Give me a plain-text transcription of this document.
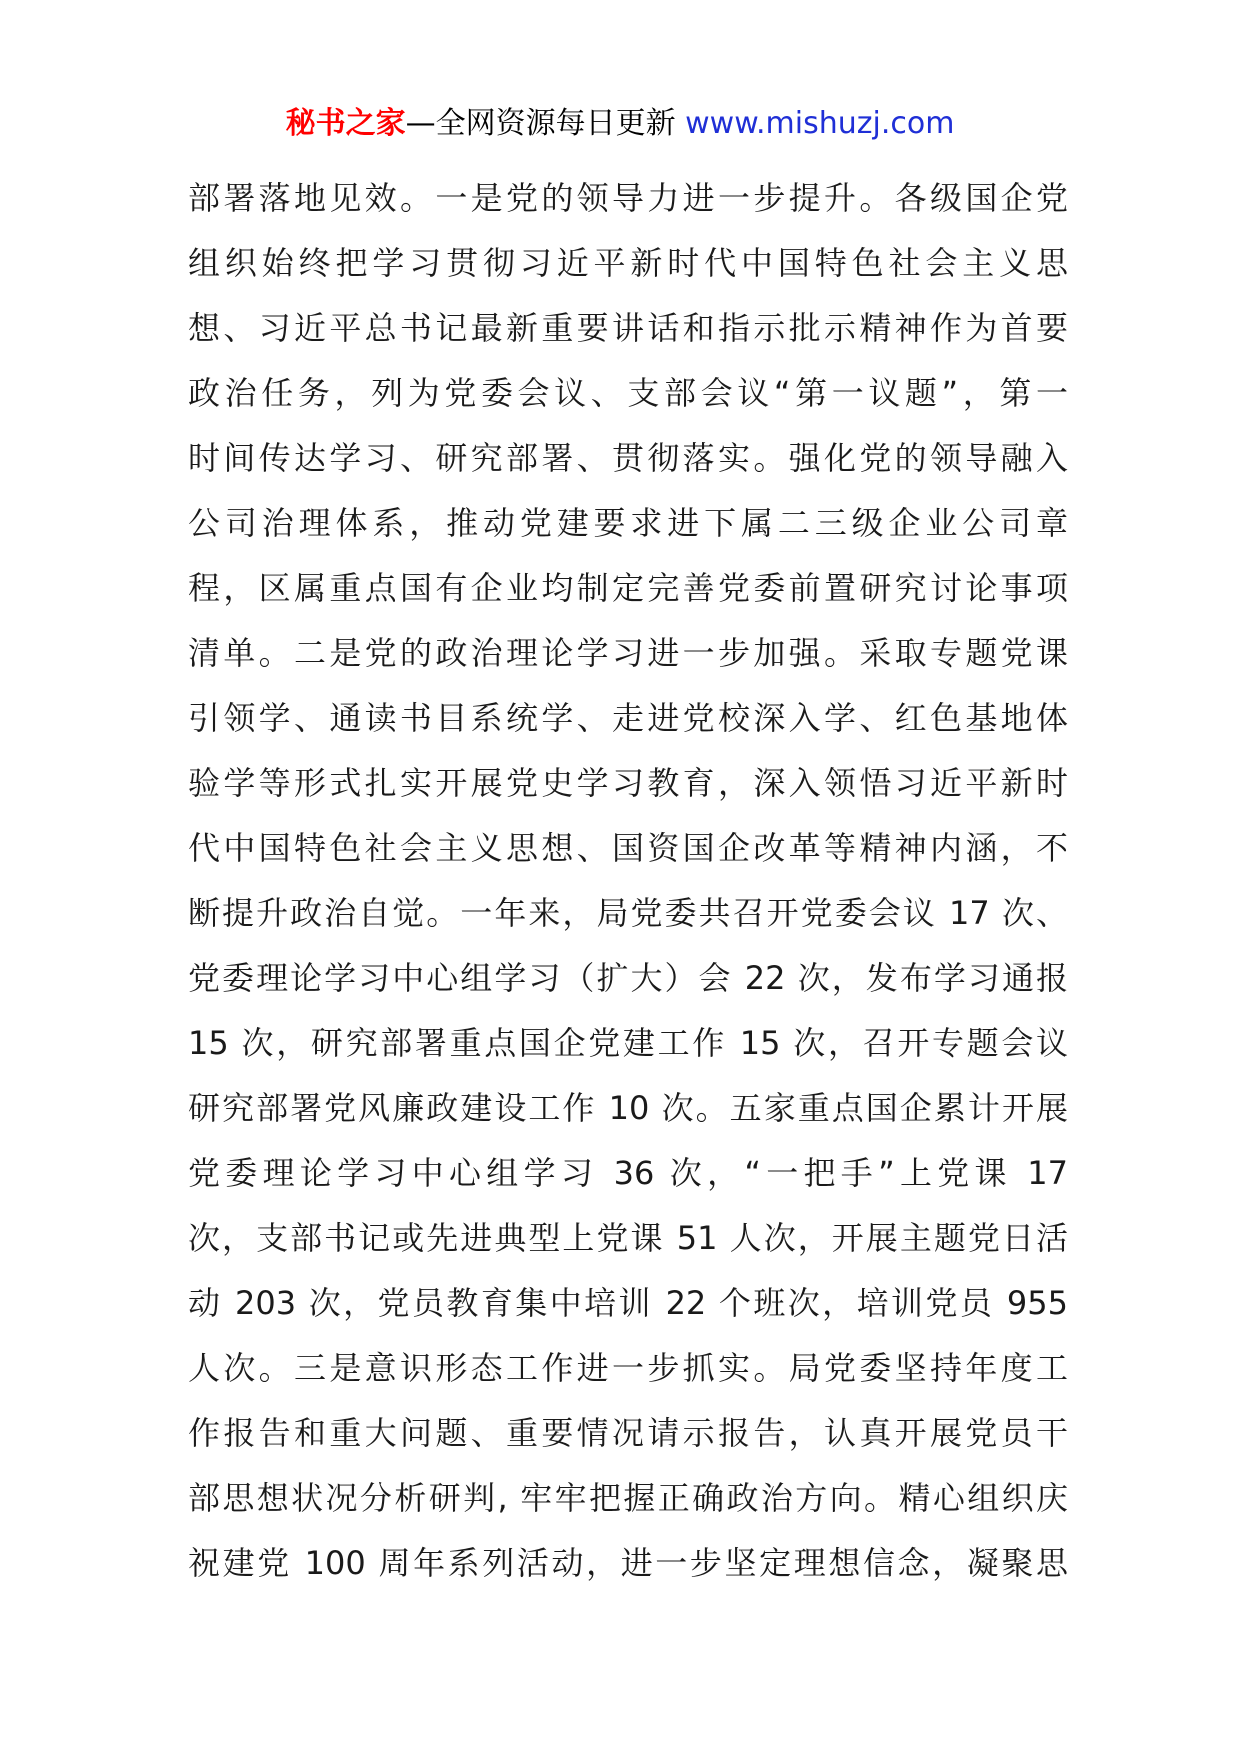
秘书之家—全网资源每日更新 www.mishuzj.com
部署落地见效。一是党的领导力进一步提升。各级国企党
组织始终把学习贯彻习近平新时代中国特色社会主义思
想、习近平总书记最新重要讲话和指示批示精神作为首要
政治任务，列为党委会议、支部会议“第一议题”，第一
时间传达学习、研究部署、贯彻落实。强化党的领导融入
公司治理体系，推动党建要求进下属二三级企业公司章
程，区属重点国有企业均制定完善党委前置研究讨论事项
清单。二是党的政治理论学习进一步加强。采取专题党课
引领学、通读书目系统学、走进党校深入学、红色基地体
验学等形式扎实开展党史学习教育，深入领悟习近平新时
代中国特色社会主义思想、国资国企改革等精神内涵，不
断提升政治自觉。一年来，局党委共召开党委会议 17 次、
党委理论学习中心组学习（扩大）会 22 次，发布学习通报
15 次，研究部署重点国企党建工作 15 次，召开专题会议
研究部署党风廉政建设工作 10 次。五家重点国企累计开展
党委理论学习中心组学习 36 次，“一把手”上党课 17
次，支部书记或先进典型上党课 51 人次，开展主题党日活
动 203 次，党员教育集中培训 22 个班次，培训党员 955
人次。三是意识形态工作进一步抓实。局党委坚持年度工
作报告和重大问题、重要情况请示报告，认真开展党员干
部思想状况分析研判, 牢牢把握正确政治方向。精心组织庆
祝建党 100 周年系列活动，进一步坚定理想信念，凝聚思
